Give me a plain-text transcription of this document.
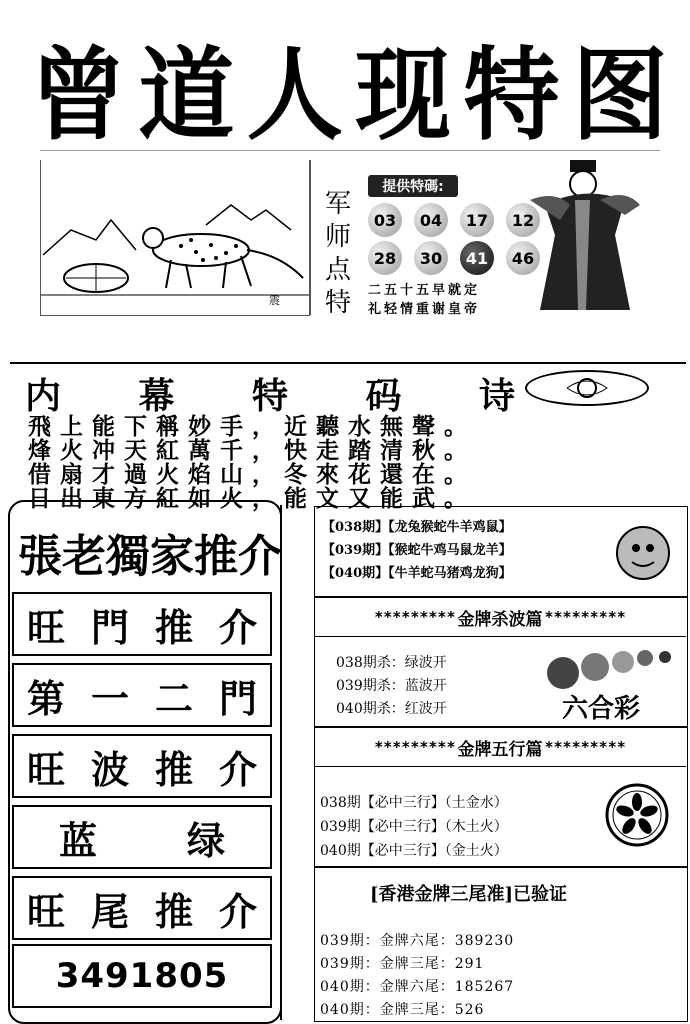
曾 道 人 现 特 图
震
军
师
点
特
提供特碼:
03	04	17	12
28	30	41	46
二五十五早就定
礼轻情重谢皇帝
内 幕 特 码 诗
飛上能下稱妙手，近聽水無聲。
烽火冲天紅萬千，快走踏清秋。
借扇才過火焰山，冬來花還在。
日出東方紅如火，能文又能武。
張 老 獨 家 推 介
旺 門 推 介
第 一 二 門
旺 波 推 介
蓝 绿
旺 尾 推 介
3491805
【038期】【龙兔猴蛇牛羊鸡鼠】
【039期】【猴蛇牛鸡马鼠龙羊】
【040期】【牛羊蛇马猪鸡龙狗】
********* 金牌杀波篇 *********
038期杀：绿波开
039期杀：蓝波开
040期杀：红波开	六合彩
********* 金牌五行篇 *********
038期【必中三行】（土金水）
039期【必中三行】（木土火）
040期【必中三行】（金土火）
[香港金牌三尾准]已验证
039期：金牌六尾：389230
039期：金牌三尾：291
040期：金牌六尾：185267
040期：金牌三尾：526
